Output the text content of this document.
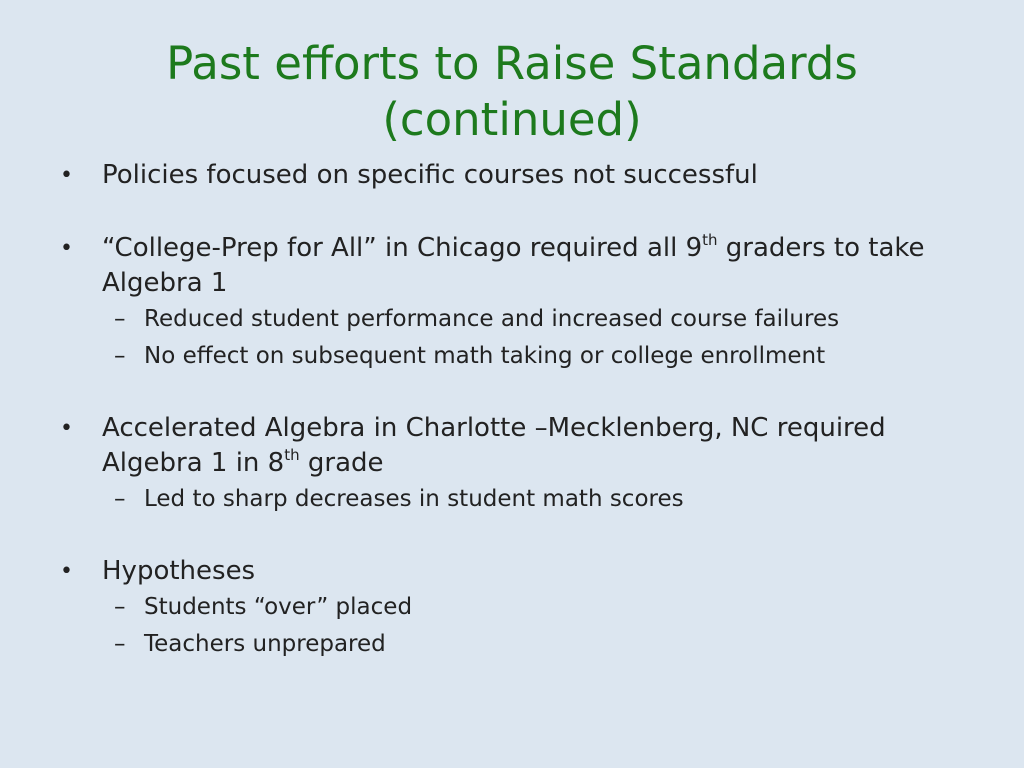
Past efforts to Raise Standards
(continued)
•	Policies focused on specific courses not successful
•	“College-Prep for All” in Chicago required all 9th graders to take Algebra 1
– Reduced student performance and increased course failures
– No effect on subsequent math taking or college enrollment
•	Accelerated Algebra in Charlotte –Mecklenberg, NC required Algebra 1 in 8th grade
– Led to sharp decreases in student math scores
•	Hypotheses
– Students “over” placed
– Teachers unprepared
